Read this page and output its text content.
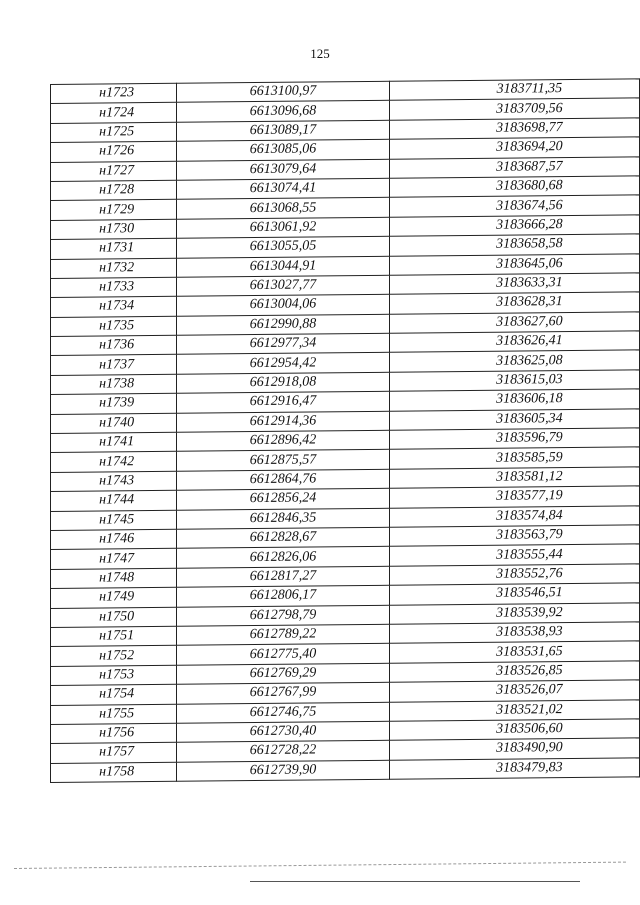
125
н1723	6613100,97	3183711,35
н1724	6613096,68	3183709,56
н1725	6613089,17	3183698,77
н1726	6613085,06	3183694,20
н1727	6613079,64	3183687,57
н1728	6613074,41	3183680,68
н1729	6613068,55	3183674,56
н1730	6613061,92	3183666,28
н1731	6613055,05	3183658,58
н1732	6613044,91	3183645,06
н1733	6613027,77	3183633,31
н1734	6613004,06	3183628,31
н1735	6612990,88	3183627,60
н1736	6612977,34	3183626,41
н1737	6612954,42	3183625,08
н1738	6612918,08	3183615,03
н1739	6612916,47	3183606,18
н1740	6612914,36	3183605,34
н1741	6612896,42	3183596,79
н1742	6612875,57	3183585,59
н1743	6612864,76	3183581,12
н1744	6612856,24	3183577,19
н1745	6612846,35	3183574,84
н1746	6612828,67	3183563,79
н1747	6612826,06	3183555,44
н1748	6612817,27	3183552,76
н1749	6612806,17	3183546,51
н1750	6612798,79	3183539,92
н1751	6612789,22	3183538,93
н1752	6612775,40	3183531,65
н1753	6612769,29	3183526,85
н1754	6612767,99	3183526,07
н1755	6612746,75	3183521,02
н1756	6612730,40	3183506,60
н1757	6612728,22	3183490,90
н1758	6612739,90	3183479,83
